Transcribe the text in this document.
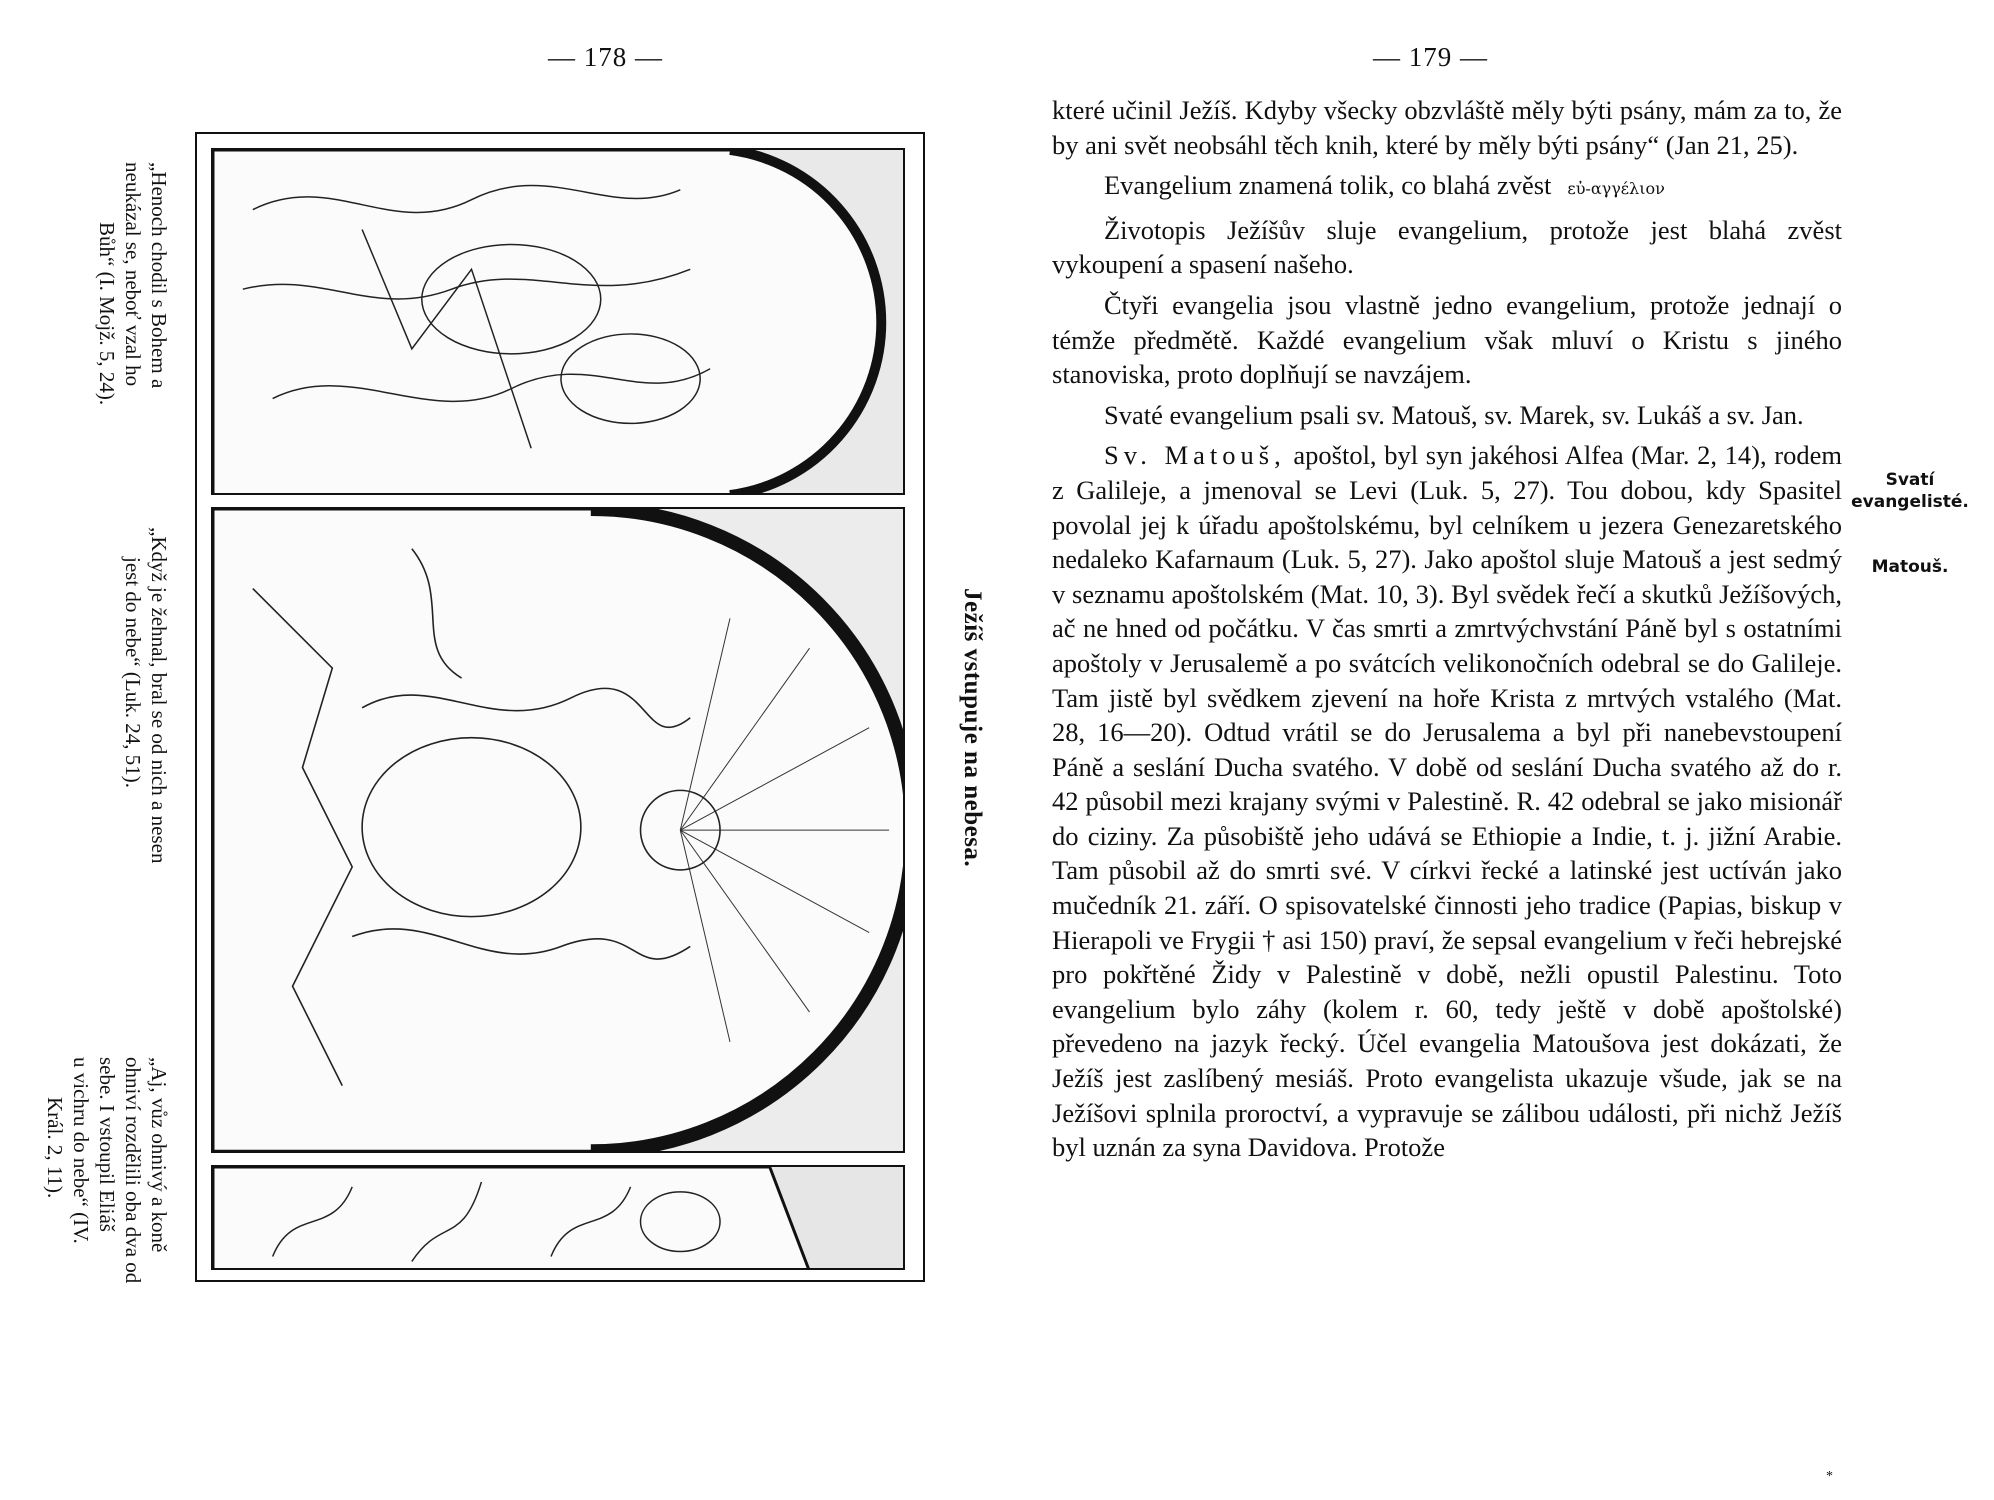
— 178 —	— 179 —
„Henoch chodil s Bohem a
neukázal se, neboť vzal ho
Bůh“ (I. Mojž. 5, 24).
„Když je žehnal, bral se od nich a nesen
jest do nebe“ (Luk. 24, 51).
„Aj, vůz ohnivý a koně
ohniví rozdělili oba dva od
sebe. I vstoupil Eliáš
u vichru do nebe“ (IV.
Král. 2, 11).
Ježíš vstupuje na nebesa.

které učinil Ježíš. Kdyby všecky obzvláště měly býti psány, mám za to, že by ani svět neobsáhl těch knih, které by měly býti psány“ (Jan 21, 25).

Evangelium znamená tolik, co blahá zvěst εὐ-αγγέλιον

Životopis Ježíšův sluje evangelium, protože jest blahá zvěst vykoupení a spasení našeho.

Čtyři evangelia jsou vlastně jedno evangelium, protože jednají o témže předmětě. Každé evangelium však mluví o Kristu s jiného stanoviska, proto doplňují se navzájem.

Svaté evangelium psali sv. Matouš, sv. Marek, sv. Lukáš a sv. Jan.

Sv. Matouš, apoštol, byl syn jakéhosi Alfea (Mar. 2, 14), rodem z Galileje, a jmenoval se Levi (Luk. 5, 27). Tou dobou, kdy Spasitel povolal jej k úřadu apoštolskému, byl celníkem u jezera Genezaretského nedaleko Kafarnaum (Luk. 5, 27). Jako apoštol sluje Matouš a jest sedmý v seznamu apoštolském (Mat. 10, 3). Byl svědek řečí a skutků Ježíšových, ač ne hned od počátku. V čas smrti a zmrtvýchvstání Páně byl s ostatními apoštoly v Jerusalemě a po svátcích velikonočních odebral se do Galileje. Tam jistě byl svědkem zjevení na hoře Krista z mrtvých vstalého (Mat. 28, 16—20). Odtud vrátil se do Jerusalema a byl při nanebevstoupení Páně a seslání Ducha svatého. V době od seslání Ducha svatého až do r. 42 působil mezi krajany svými v Palestině. R. 42 odebral se jako misionář do ciziny. Za působiště jeho udává se Ethiopie a Indie, t. j. jižní Arabie. Tam působil až do smrti své. V církvi řecké a latinské jest uctíván jako mučedník 21. září. O spisovatelské činnosti jeho tradice (Papias, biskup v Hierapoli ve Frygii † asi 150) praví, že sepsal evangelium v řeči hebrejské pro pokřtěné Židy v Palestině v době, nežli opustil Palestinu. Toto evangelium bylo záhy (kolem r. 60, tedy ještě v době apoštolské) převedeno na jazyk řecký. Účel evangelia Matoušova jest dokázati, že Ježíš jest zaslíbený mesiáš. Proto evangelista ukazuje všude, jak se na Ježíšovi splnila proroctví, a vypravuje se zálibou události, při nichž Ježíš byl uznán za syna Davidova. Protože

Svatí
evangelisté.
Matouš.
*
